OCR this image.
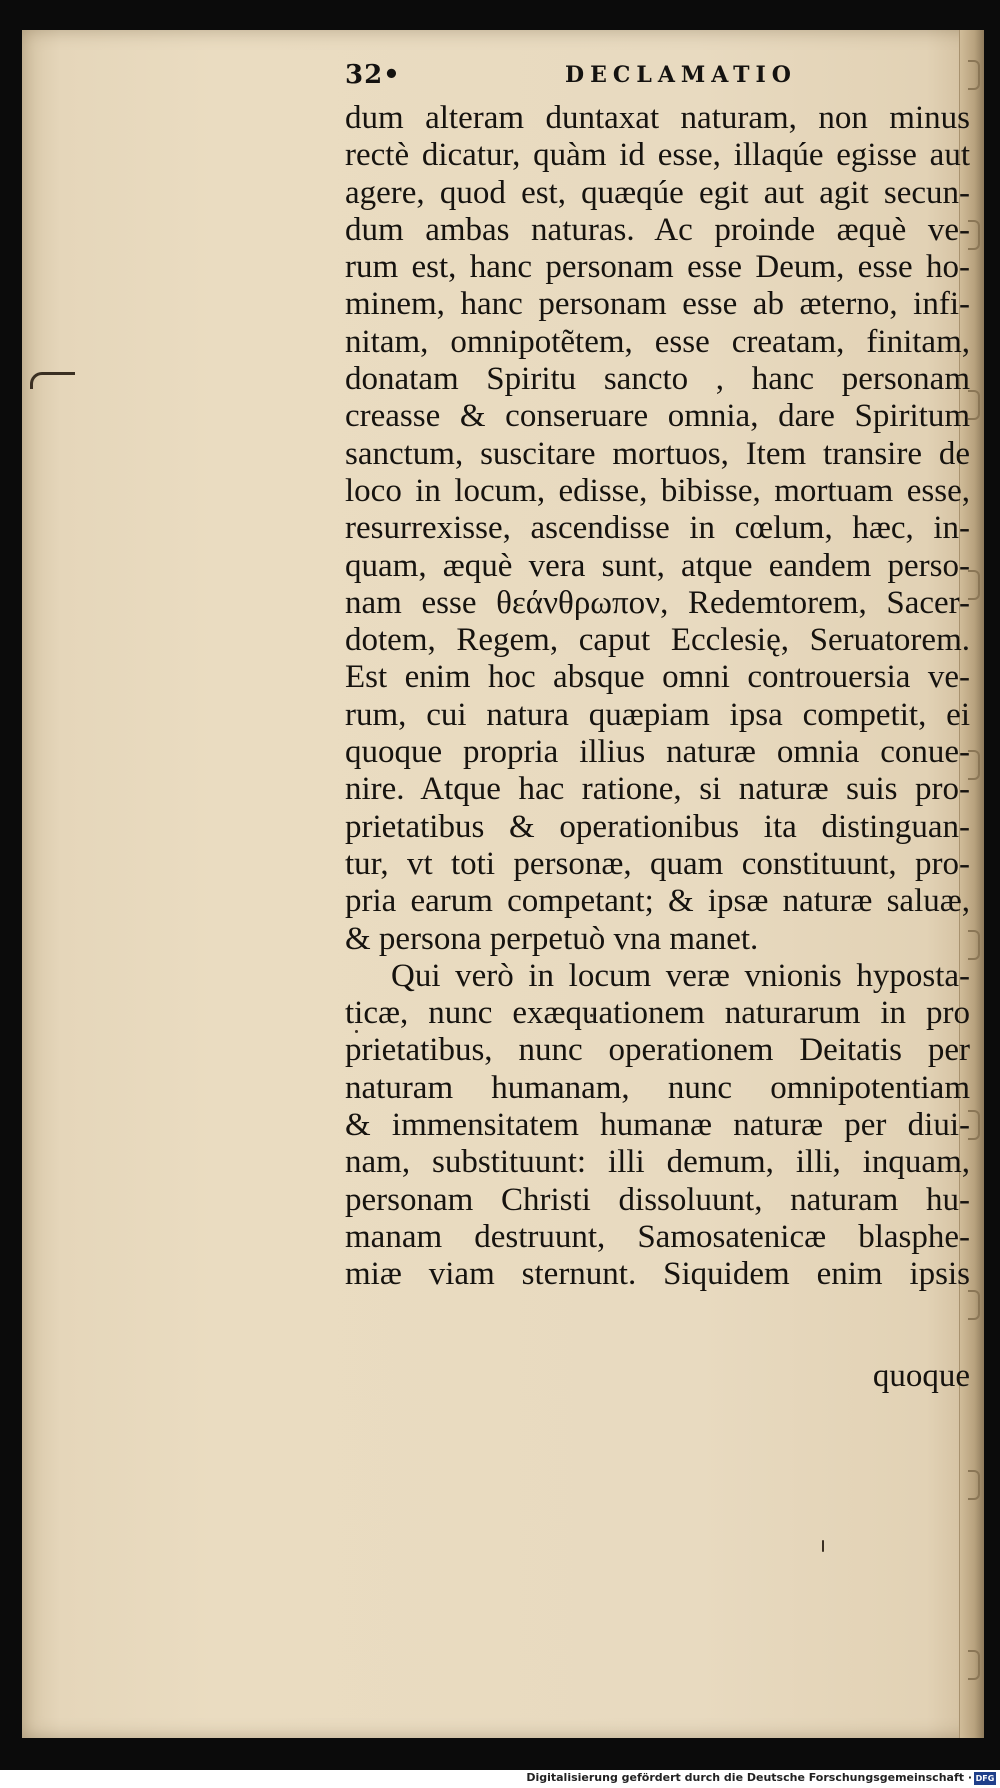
32•	DECLAMATIO
dum alteram duntaxat naturam, non minus
rectè dicatur, quàm id esse, illaqúe egisse aut
agere, quod est, quæqúe egit aut agit secun-
dum ambas naturas. Ac proinde æquè ve-
rum est, hanc personam esse Deum, esse ho-
minem, hanc personam esse ab æterno, infi-
nitam, omnipotẽtem, esse creatam, finitam,
donatam Spiritu sancto , hanc personam
creasse & conseruare omnia, dare Spiritum
sanctum, suscitare mortuos, Item transire de
loco in locum, edisse, bibisse, mortuam esse,
resurrexisse, ascendisse in cœlum, hæc, in-
quam, æquè vera sunt, atque eandem perso-
nam esse θεάνθρωπον, Redemtorem, Sacer-
dotem, Regem, caput Ecclesię, Seruatorem.
Est enim hoc absque omni controuersia ve-
rum, cui natura quæpiam ipsa competit, ei
quoque propria illius naturæ omnia conue-
nire. Atque hac ratione, si naturæ suis pro-
prietatibus & operationibus ita distinguan-
tur, vt toti personæ, quam constituunt, pro-
pria earum competant; & ipsæ naturæ saluæ,
& persona perpetuò vna manet.
Qui verò in locum veræ vnionis hyposta-
ticæ, nunc exæquationem naturarum in pro
prietatibus, nunc operationem Deitatis per
naturam humanam, nunc omnipotentiam
& immensitatem humanæ naturæ per diui-
nam, substituunt: illi demum, illi, inquam,
personam Christi dissoluunt, naturam hu-
manam destruunt, Samosatenicæ blasphe-
miæ viam sternunt. Siquidem enim ipsis
quoque
Digitalisierung gefördert durch die Deutsche Forschungsgemeinschaft · DFG
